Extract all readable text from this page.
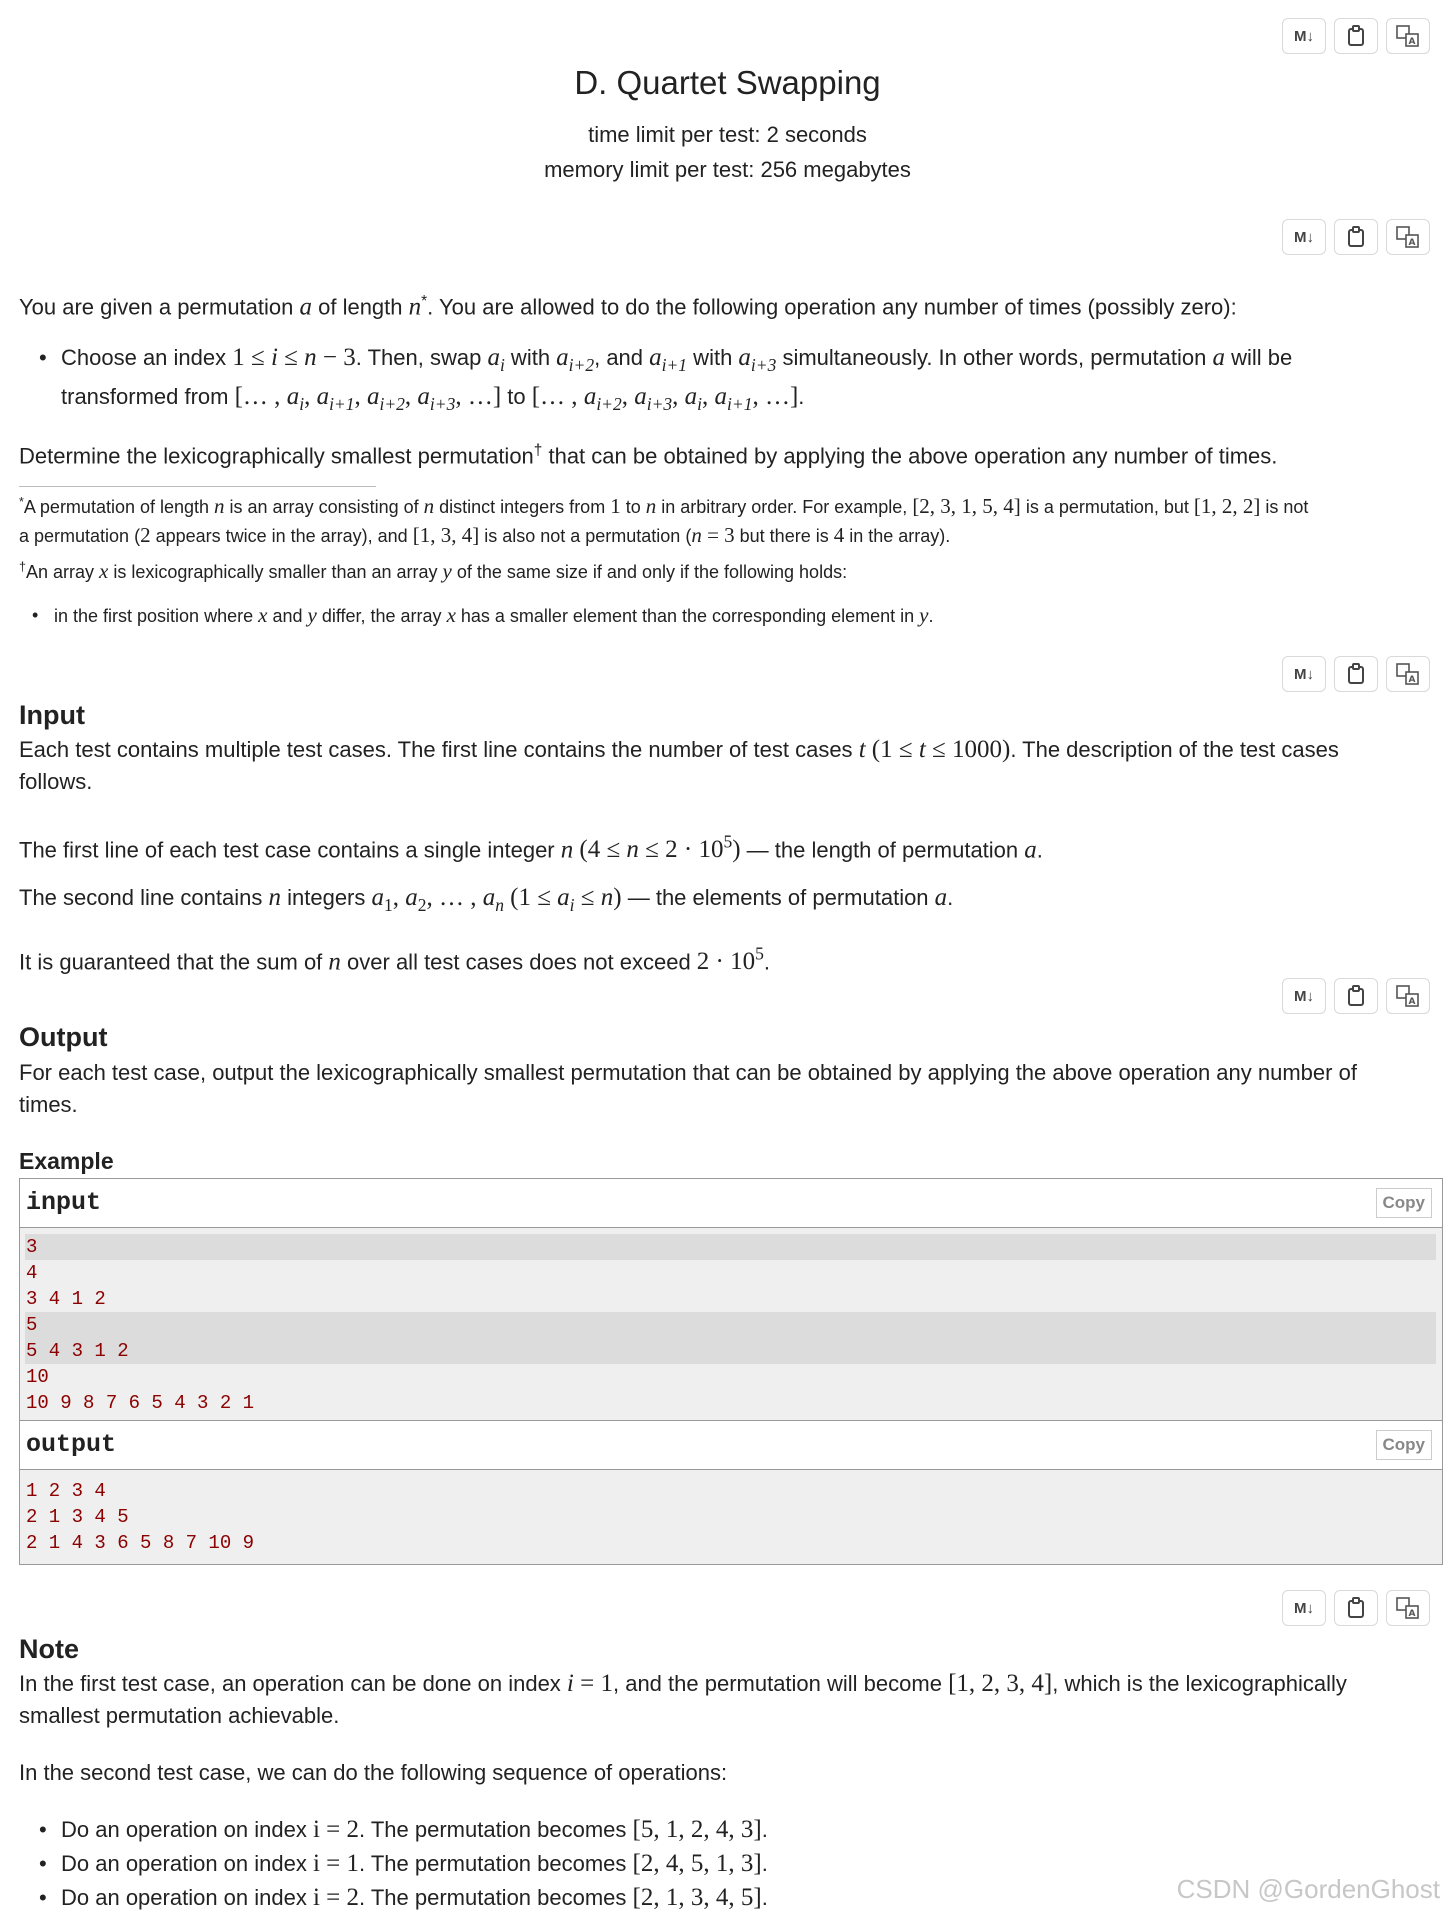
M↓	A
D. Quartet Swapping
time limit per test: 2 seconds
memory limit per test: 256 megabytes
M↓	A
You are given a permutation a of length n*. You are allowed to do the following operation any number of times (possibly zero):
• Choose an index 1 ≤ i ≤ n − 3. Then, swap $a_i$ with $a_{i+2}$, and $a_{i+1}$ with $a_{i+3}$ simultaneously. In other words, permutation a will be
transformed from [… , $a_i$, $a_{i+1}$, $a_{i+2}$, $a_{i+3}$, …] to [… , $a_{i+2}$, $a_{i+3}$, $a_i$, $a_{i+1}$, …].
Determine the lexicographically smallest permutation† that can be obtained by applying the above operation any number of times.
*A permutation of length n is an array consisting of n distinct integers from 1 to n in arbitrary order. For example, [2, 3, 1, 5, 4] is a permutation, but [1, 2, 2] is not
a permutation (2 appears twice in the array), and [1, 3, 4] is also not a permutation (n = 3 but there is 4 in the array).
†An array x is lexicographically smaller than an array y of the same size if and only if the following holds:
• in the first position where x and y differ, the array x has a smaller element than the corresponding element in y.
M↓	A
Input
Each test contains multiple test cases. The first line contains the number of test cases t (1 ≤ t ≤ 1000). The description of the test cases
follows.
The first line of each test case contains a single integer n $(4 \le n \le 2 \cdot 10^5)$ — the length of permutation a.
The second line contains n integers $a_1$, $a_2$, … , $a_n$ $(1 \le a_i \le n)$ — the elements of permutation a.
It is guaranteed that the sum of n over all test cases does not exceed $2 \cdot 10^5$.
M↓	A
Output
For each test case, output the lexicographically smallest permutation that can be obtained by applying the above operation any number of
times.
Example
input	Copy
3
4
3 4 1 2
5
5 4 3 1 2
10
10 9 8 7 6 5 4 3 2 1
output	Copy
1 2 3 4
2 1 3 4 5
2 1 4 3 6 5 8 7 10 9
M↓	A
Note
In the first test case, an operation can be done on index i = 1, and the permutation will become [1, 2, 3, 4], which is the lexicographically
smallest permutation achievable.
In the second test case, we can do the following sequence of operations:
• Do an operation on index i = 2. The permutation becomes [5, 1, 2, 4, 3].
• Do an operation on index i = 1. The permutation becomes [2, 4, 5, 1, 3].
• Do an operation on index i = 2. The permutation becomes [2, 1, 3, 4, 5].	CSDN @GordenGhost
